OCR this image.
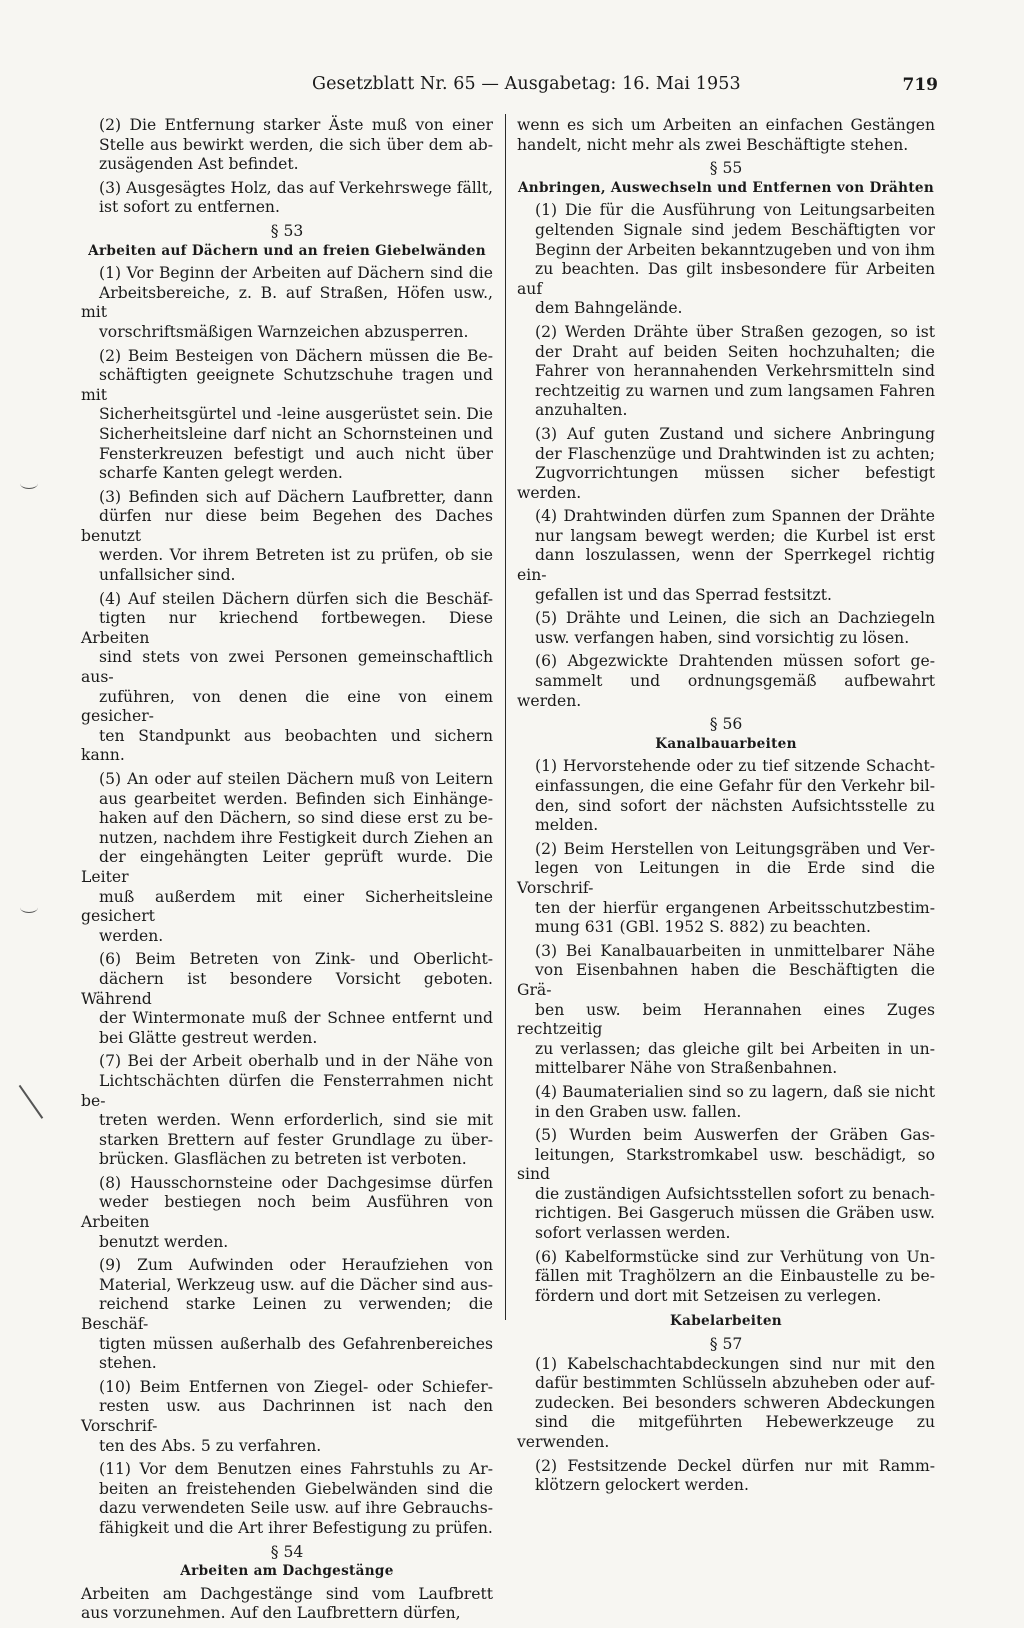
Gesetzblatt Nr. 65 — Ausgabetag: 16. Mai 1953	719
(2) Die Entfernung starker Äste muß von einer
Stelle aus bewirkt werden, die sich über dem ab-
zusägenden Ast befindet.
(3) Ausgesägtes Holz, das auf Verkehrswege fällt,
ist sofort zu entfernen.
§ 53
Arbeiten auf Dächern und an freien Giebelwänden
(1) Vor Beginn der Arbeiten auf Dächern sind die
Arbeitsbereiche, z. B. auf Straßen, Höfen usw., mit
vorschriftsmäßigen Warnzeichen abzusperren.
(2) Beim Besteigen von Dächern müssen die Be-
schäftigten geeignete Schutzschuhe tragen und mit
Sicherheitsgürtel und -leine ausgerüstet sein. Die
Sicherheitsleine darf nicht an Schornsteinen und
Fensterkreuzen befestigt und auch nicht über
scharfe Kanten gelegt werden.
(3) Befinden sich auf Dächern Laufbretter, dann
dürfen nur diese beim Begehen des Daches benutzt
werden. Vor ihrem Betreten ist zu prüfen, ob sie
unfallsicher sind.
(4) Auf steilen Dächern dürfen sich die Beschäf-
tigten nur kriechend fortbewegen. Diese Arbeiten
sind stets von zwei Personen gemeinschaftlich aus-
zuführen, von denen die eine von einem gesicher-
ten Standpunkt aus beobachten und sichern kann.
(5) An oder auf steilen Dächern muß von Leitern
aus gearbeitet werden. Befinden sich Einhänge-
haken auf den Dächern, so sind diese erst zu be-
nutzen, nachdem ihre Festigkeit durch Ziehen an
der eingehängten Leiter geprüft wurde. Die Leiter
muß außerdem mit einer Sicherheitsleine gesichert
werden.
(6) Beim Betreten von Zink- und Oberlicht-
dächern ist besondere Vorsicht geboten. Während
der Wintermonate muß der Schnee entfernt und
bei Glätte gestreut werden.
(7) Bei der Arbeit oberhalb und in der Nähe von
Lichtschächten dürfen die Fensterrahmen nicht be-
treten werden. Wenn erforderlich, sind sie mit
starken Brettern auf fester Grundlage zu über-
brücken. Glasflächen zu betreten ist verboten.
(8) Hausschornsteine oder Dachgesimse dürfen
weder bestiegen noch beim Ausführen von Arbeiten
benutzt werden.
(9) Zum Aufwinden oder Heraufziehen von
Material, Werkzeug usw. auf die Dächer sind aus-
reichend starke Leinen zu verwenden; die Beschäf-
tigten müssen außerhalb des Gefahrenbereiches
stehen.
(10) Beim Entfernen von Ziegel- oder Schiefer-
resten usw. aus Dachrinnen ist nach den Vorschrif-
ten des Abs. 5 zu verfahren.
(11) Vor dem Benutzen eines Fahrstuhls zu Ar-
beiten an freistehenden Giebelwänden sind die
dazu verwendeten Seile usw. auf ihre Gebrauchs-
fähigkeit und die Art ihrer Befestigung zu prüfen.
§ 54
Arbeiten am Dachgestänge
Arbeiten am Dachgestänge sind vom Laufbrett
aus vorzunehmen. Auf den Laufbrettern dürfen,
wenn es sich um Arbeiten an einfachen Gestängen
handelt, nicht mehr als zwei Beschäftigte stehen.
§ 55
Anbringen, Auswechseln und Entfernen von Drähten
(1) Die für die Ausführung von Leitungsarbeiten
geltenden Signale sind jedem Beschäftigten vor
Beginn der Arbeiten bekanntzugeben und von ihm
zu beachten. Das gilt insbesondere für Arbeiten auf
dem Bahngelände.
(2) Werden Drähte über Straßen gezogen, so ist
der Draht auf beiden Seiten hochzuhalten; die
Fahrer von herannahenden Verkehrsmitteln sind
rechtzeitig zu warnen und zum langsamen Fahren
anzuhalten.
(3) Auf guten Zustand und sichere Anbringung
der Flaschenzüge und Drahtwinden ist zu achten;
Zugvorrichtungen müssen sicher befestigt werden.
(4) Drahtwinden dürfen zum Spannen der Drähte
nur langsam bewegt werden; die Kurbel ist erst
dann loszulassen, wenn der Sperrkegel richtig ein-
gefallen ist und das Sperrad festsitzt.
(5) Drähte und Leinen, die sich an Dachziegeln
usw. verfangen haben, sind vorsichtig zu lösen.
(6) Abgezwickte Drahtenden müssen sofort ge-
sammelt und ordnungsgemäß aufbewahrt werden.
§ 56
Kanalbauarbeiten
(1) Hervorstehende oder zu tief sitzende Schacht-
einfassungen, die eine Gefahr für den Verkehr bil-
den, sind sofort der nächsten Aufsichtsstelle zu
melden.
(2) Beim Herstellen von Leitungsgräben und Ver-
legen von Leitungen in die Erde sind die Vorschrif-
ten der hierfür ergangenen Arbeitsschutzbestim-
mung 631 (GBl. 1952 S. 882) zu beachten.
(3) Bei Kanalbauarbeiten in unmittelbarer Nähe
von Eisenbahnen haben die Beschäftigten die Grä-
ben usw. beim Herannahen eines Zuges rechtzeitig
zu verlassen; das gleiche gilt bei Arbeiten in un-
mittelbarer Nähe von Straßenbahnen.
(4) Baumaterialien sind so zu lagern, daß sie nicht
in den Graben usw. fallen.
(5) Wurden beim Auswerfen der Gräben Gas-
leitungen, Starkstromkabel usw. beschädigt, so sind
die zuständigen Aufsichtsstellen sofort zu benach-
richtigen. Bei Gasgeruch müssen die Gräben usw.
sofort verlassen werden.
(6) Kabelformstücke sind zur Verhütung von Un-
fällen mit Traghölzern an die Einbaustelle zu be-
fördern und dort mit Setzeisen zu verlegen.
Kabelarbeiten
§ 57
(1) Kabelschachtabdeckungen sind nur mit den
dafür bestimmten Schlüsseln abzuheben oder auf-
zudecken. Bei besonders schweren Abdeckungen
sind die mitgeführten Hebewerkzeuge zu verwenden.
(2) Festsitzende Deckel dürfen nur mit Ramm-
klötzern gelockert werden.
